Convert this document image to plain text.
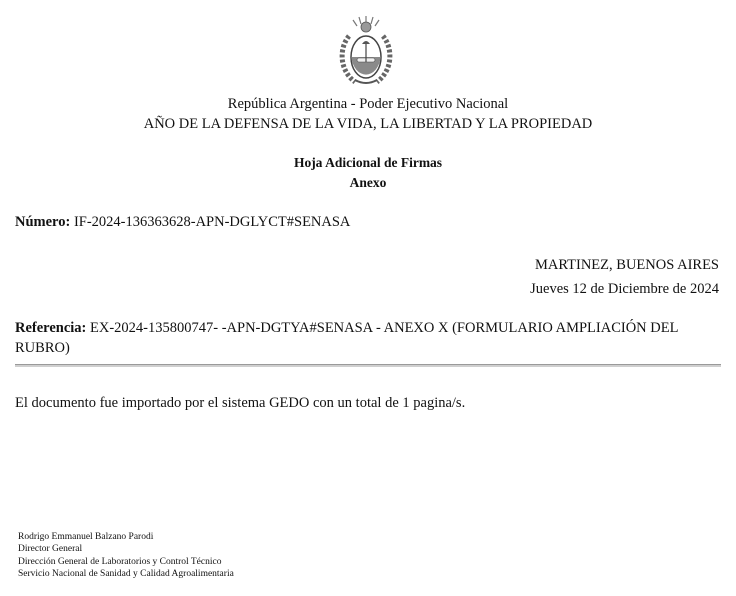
República Argentina - Poder Ejecutivo Nacional
AÑO DE LA DEFENSA DE LA VIDA, LA LIBERTAD Y LA PROPIEDAD
Hoja Adicional de Firmas
Anexo
Número: IF-2024-136363628-APN-DGLYCT#SENASA
MARTINEZ, BUENOS AIRES
Jueves 12 de Diciembre de 2024
Referencia: EX-2024-135800747- -APN-DGTYA#SENASA - ANEXO X (FORMULARIO AMPLIACIÓN DEL RUBRO)
El documento fue importado por el sistema GEDO con un total de 1 pagina/s.
Rodrigo Emmanuel Balzano Parodi
Director General
Dirección General de Laboratorios y Control Técnico
Servicio Nacional de Sanidad y Calidad Agroalimentaria
